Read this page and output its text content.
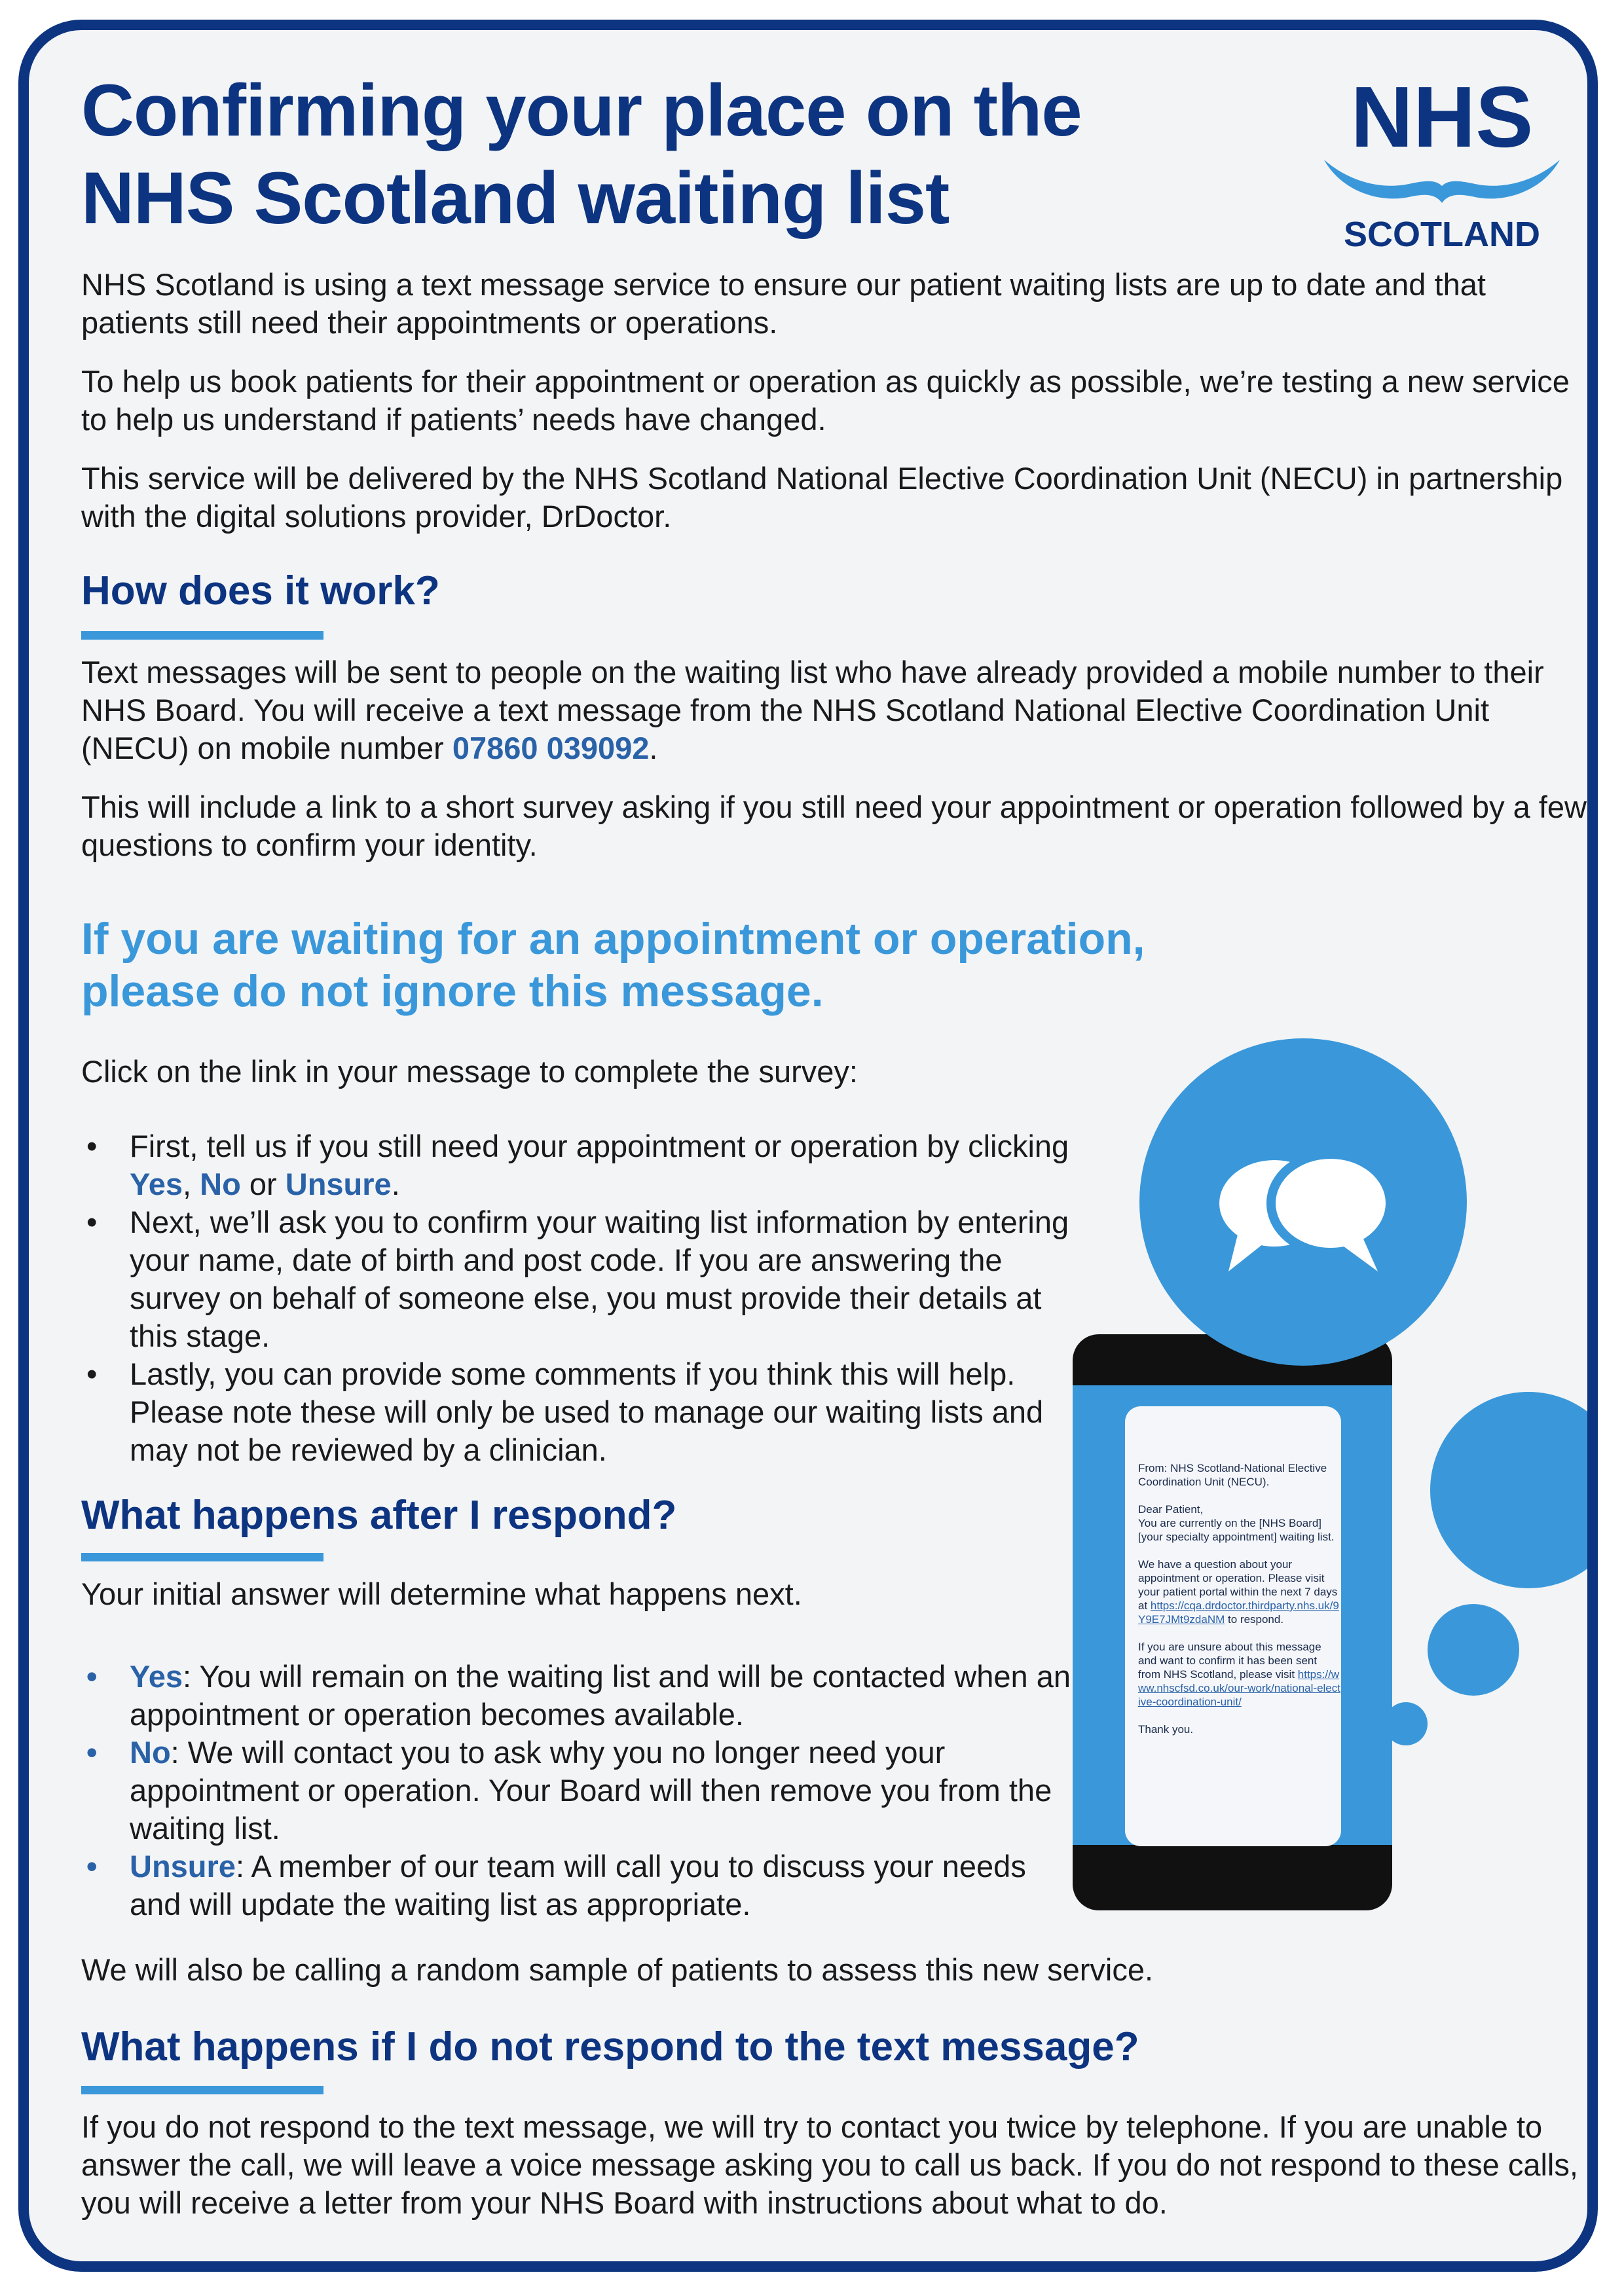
Confirming your place on the
NHS Scotland waiting list
NHS
SCOTLAND

NHS Scotland is using a text message service to ensure our patient waiting lists are up to date and that patients still need their appointments or operations.

To help us book patients for their appointment or operation as quickly as possible, we’re testing a new service to help us understand if patients’ needs have changed.

This service will be delivered by the NHS Scotland National Elective Coordination Unit (NECU) in partnership with the digital solutions provider, DrDoctor.

How does it work?

Text messages will be sent to people on the waiting list who have already provided a mobile number to their NHS Board. You will receive a text message from the NHS Scotland National Elective Coordination Unit (NECU) on mobile number 07860 039092.

This will include a link to a short survey asking if you still need your appointment or operation followed by a few questions to confirm your identity.

If you are waiting for an appointment or operation,
please do not ignore this message.

Click on the link in your message to complete the survey:

• First, tell us if you still need your appointment or operation by clicking Yes, No or Unsure.
• Next, we’ll ask you to confirm your waiting list information by entering your name, date of birth and post code. If you are answering the survey on behalf of someone else, you must provide their details at this stage.
• Lastly, you can provide some comments if you think this will help. Please note these will only be used to manage our waiting lists and may not be reviewed by a clinician.
What happens after I respond?

Your initial answer will determine what happens next.

• Yes: You will remain on the waiting list and will be contacted when an appointment or operation becomes available.
• No: We will contact you to ask why you no longer need your appointment or operation. Your Board will then remove you from the waiting list.
• Unsure: A member of our team will call you to discuss your needs and will update the waiting list as appropriate.

We will also be calling a random sample of patients to assess this new service.

What happens if I do not respond to the text message?

If you do not respond to the text message, we will try to contact you twice by telephone. If you are unable to answer the call, we will leave a voice message asking you to call us back. If you do not respond to these calls, you will receive a letter from your NHS Board with instructions about what to do.

From: NHS Scotland-National Elective Coordination Unit (NECU).

Dear Patient,
You are currently on the [NHS Board] [your specialty appointment] waiting list.

We have a question about your appointment or operation. Please visit your patient portal within the next 7 days at https://cqa.drdoctor.thirdparty.nhs.uk/9Y9E7JMt9zdaNM to respond.

If you are unsure about this message and want to confirm it has been sent from NHS Scotland, please visit https://www.nhscfsd.co.uk/our-work/national-elective-coordination-unit/

Thank you.
